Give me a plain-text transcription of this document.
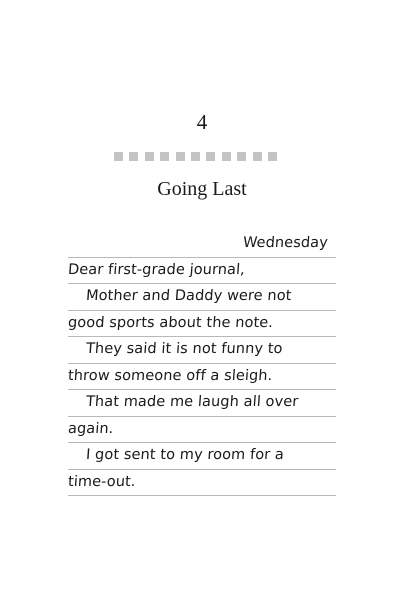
4
Going Last
Wednesday
Dear first-grade journal,
Mother and Daddy were not
good sports about the note.
They said it is not funny to
throw someone off a sleigh.
That made me laugh all over
again.
I got sent to my room for a
time-out.
